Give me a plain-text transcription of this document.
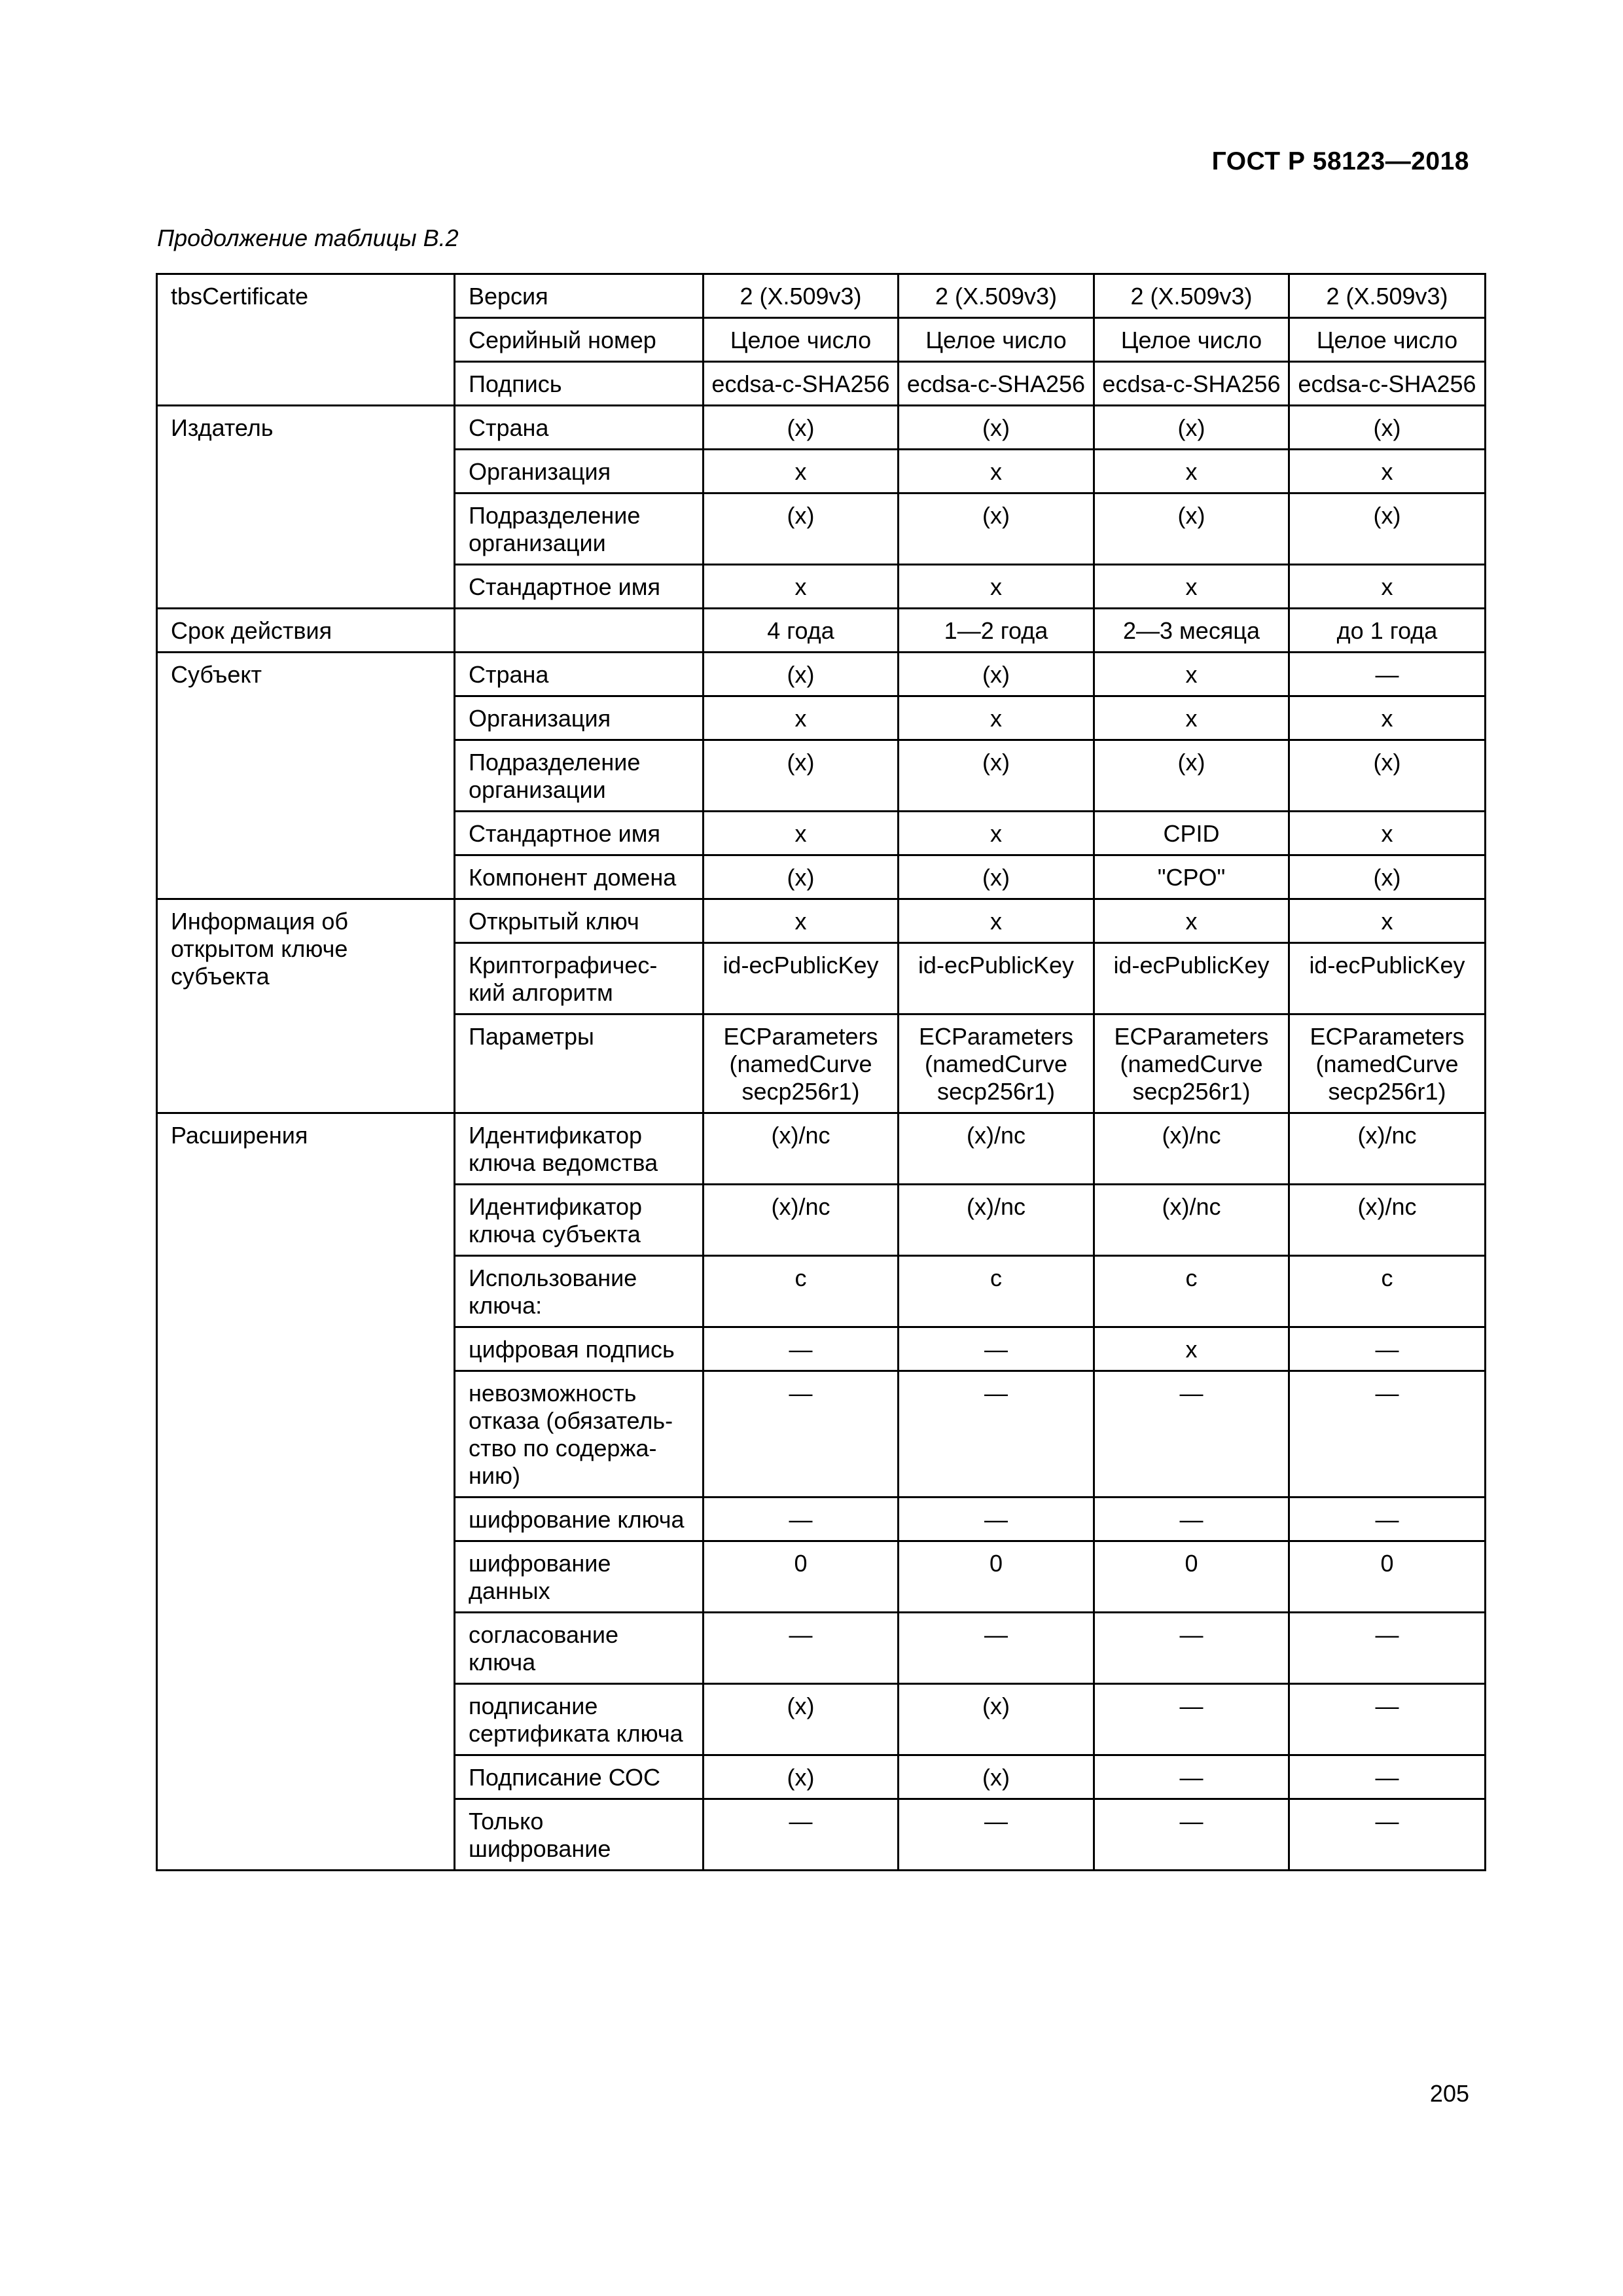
ГОСТ Р 58123—2018
Продолжение таблицы В.2
tbsCertificate	Версия	2 (X.509v3)	2 (X.509v3)	2 (X.509v3)	2 (X.509v3)
	Серийный номер	Целое число	Целое число	Целое число	Целое число
	Подпись	ecdsa-c-SHA256	ecdsa-c-SHA256	ecdsa-c-SHA256	ecdsa-c-SHA256
Издатель	Страна	(x)	(x)	(x)	(x)
	Организация	x	x	x	x
	Подразделение организации	(x)	(x)	(x)	(x)
	Стандартное имя	x	x	x	x
Срок действия		4 года	1—2 года	2—3 месяца	до 1 года
Субъект	Страна	(x)	(x)	x	—
	Организация	x	x	x	x
	Подразделение организации	(x)	(x)	(x)	(x)
	Стандартное имя	x	x	CPID	x
	Компонент домена	(x)	(x)	"CPO"	(x)
Информация об открытом ключе субъекта	Открытый ключ	x	x	x	x
	Криптографичес-кий алгоритм	id-ecPublicKey	id-ecPublicKey	id-ecPublicKey	id-ecPublicKey
	Параметры	ECParameters (namedCurve secp256r1)	ECParameters (namedCurve secp256r1)	ECParameters (namedCurve secp256r1)	ECParameters (namedCurve secp256r1)
Расширения	Идентификатор ключа ведомства	(x)/nc	(x)/nc	(x)/nc	(x)/nc
	Идентификатор ключа субъекта	(x)/nc	(x)/nc	(x)/nc	(x)/nc
	Использование ключа:	c	c	c	c
	цифровая подпись	—	—	x	—
	невозможность отказа (обязатель-ство по содержа-нию)	—	—	—	—
	шифрование ключа	—	—	—	—
	шифрование данных	0	0	0	0
	согласование ключа	—	—	—	—
	подписание сертификата ключа	(x)	(x)	—	—
	Подписание СОС	(x)	(x)	—	—
	Только шифрование	—	—	—	—
205
